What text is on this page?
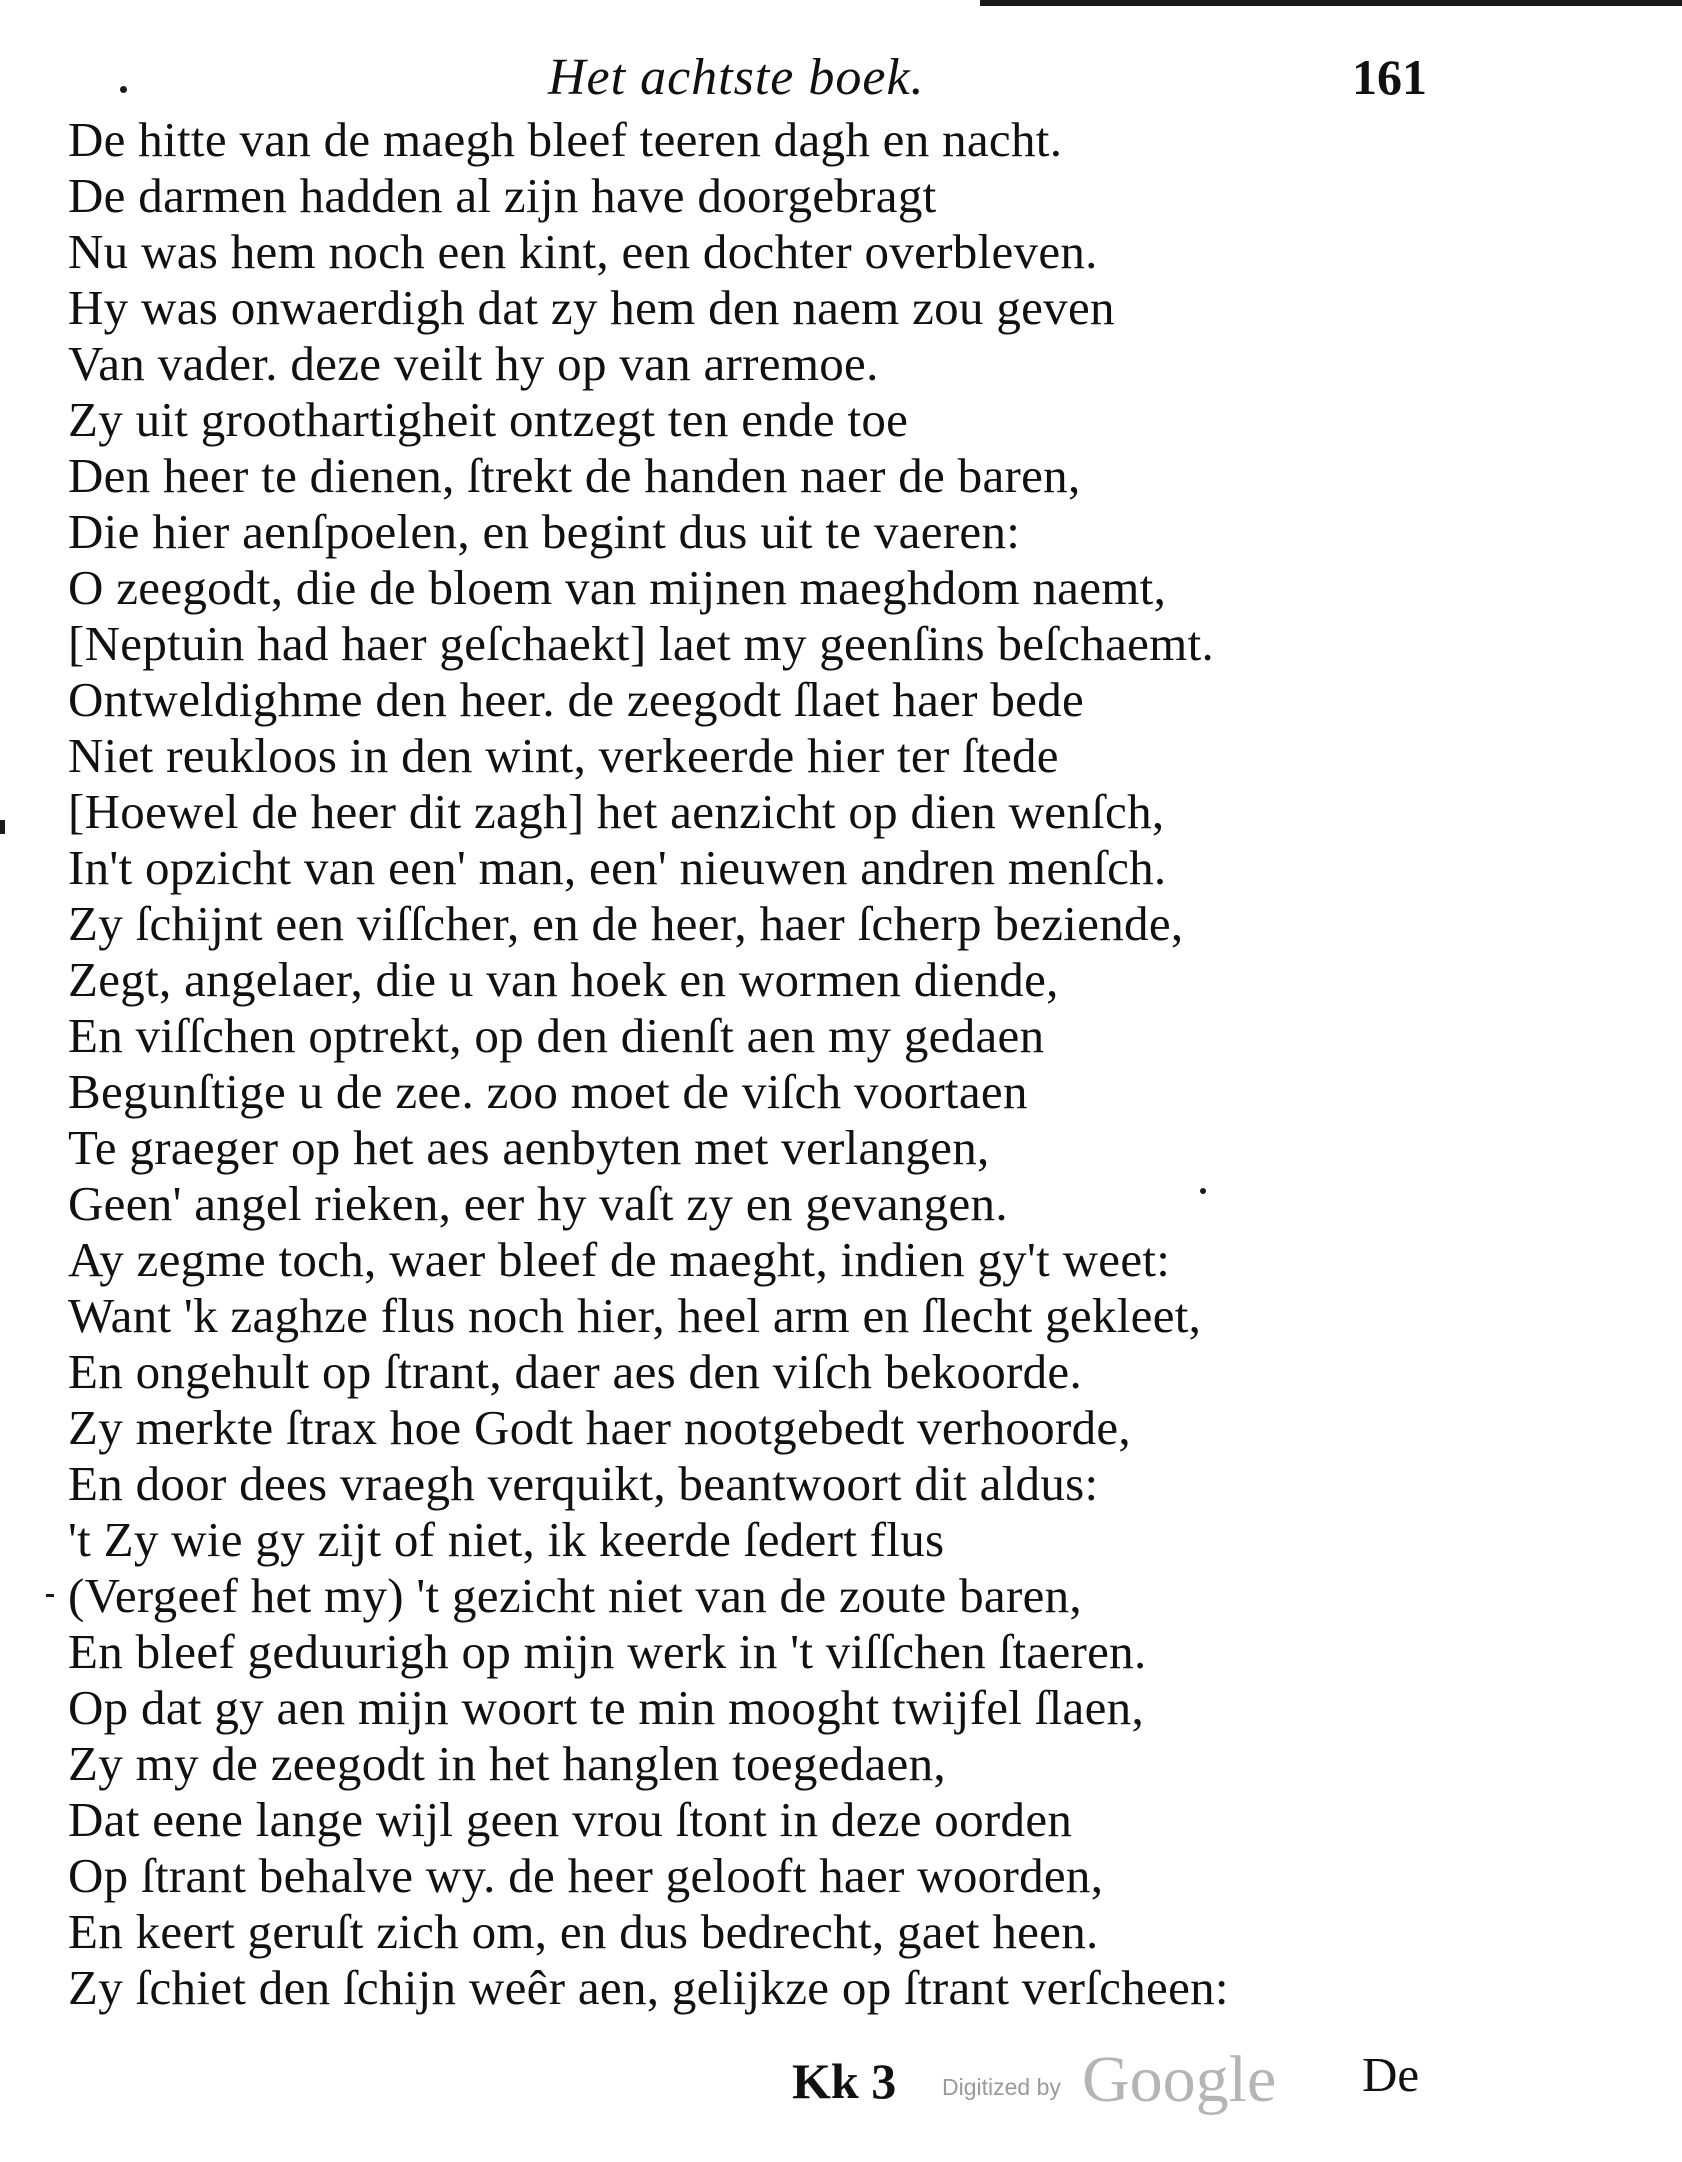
Het achtste boek.	161
De hitte van de maegh bleef teeren dagh en nacht.
De darmen hadden al zijn have doorgebragt
Nu was hem noch een kint, een dochter overbleven.
Hy was onwaerdigh dat zy hem den naem zou geven
Van vader. deze veilt hy op van arremoe.
Zy uit groothartigheit ontzegt ten ende toe
Den heer te dienen, ſtrekt de handen naer de baren,
Die hier aenſpoelen, en begint dus uit te vaeren:
O zeegodt, die de bloem van mijnen maeghdom naemt,
[Neptuin had haer geſchaekt] laet my geenſins beſchaemt.
Ontweldighme den heer. de zeegodt ſlaet haer bede
Niet reukloos in den wint, verkeerde hier ter ſtede
[Hoewel de heer dit zagh] het aenzicht op dien wenſch,
In't opzicht van een' man, een' nieuwen andren menſch.
Zy ſchijnt een viſſcher, en de heer, haer ſcherp beziende,
Zegt, angelaer, die u van hoek en wormen diende,
En viſſchen optrekt, op den dienſt aen my gedaen
Begunſtige u de zee. zoo moet de viſch voortaen
Te graeger op het aes aenbyten met verlangen,
Geen' angel rieken, eer hy vaſt zy en gevangen.
Ay zegme toch, waer bleef de maeght, indien gy't weet:
Want 'k zaghze flus noch hier, heel arm en ſlecht gekleet,
En ongehult op ſtrant, daer aes den viſch bekoorde.
Zy merkte ſtrax hoe Godt haer nootgebedt verhoorde,
En door dees vraegh verquikt, beantwoort dit aldus:
't Zy wie gy zijt of niet, ik keerde ſedert flus
(Vergeef het my) 't gezicht niet van de zoute baren,
En bleef geduurigh op mijn werk in 't viſſchen ſtaeren.
Op dat gy aen mijn woort te min mooght twijfel ſlaen,
Zy my de zeegodt in het hanglen toegedaen,
Dat eene lange wijl geen vrou ſtont in deze oorden
Op ſtrant behalve wy. de heer gelooft haer woorden,
En keert geruſt zich om, en dus bedrecht, gaet heen.
Zy ſchiet den ſchijn weêr aen, gelijkze op ſtrant verſcheen:
Kk 3 Digitized by Google De
